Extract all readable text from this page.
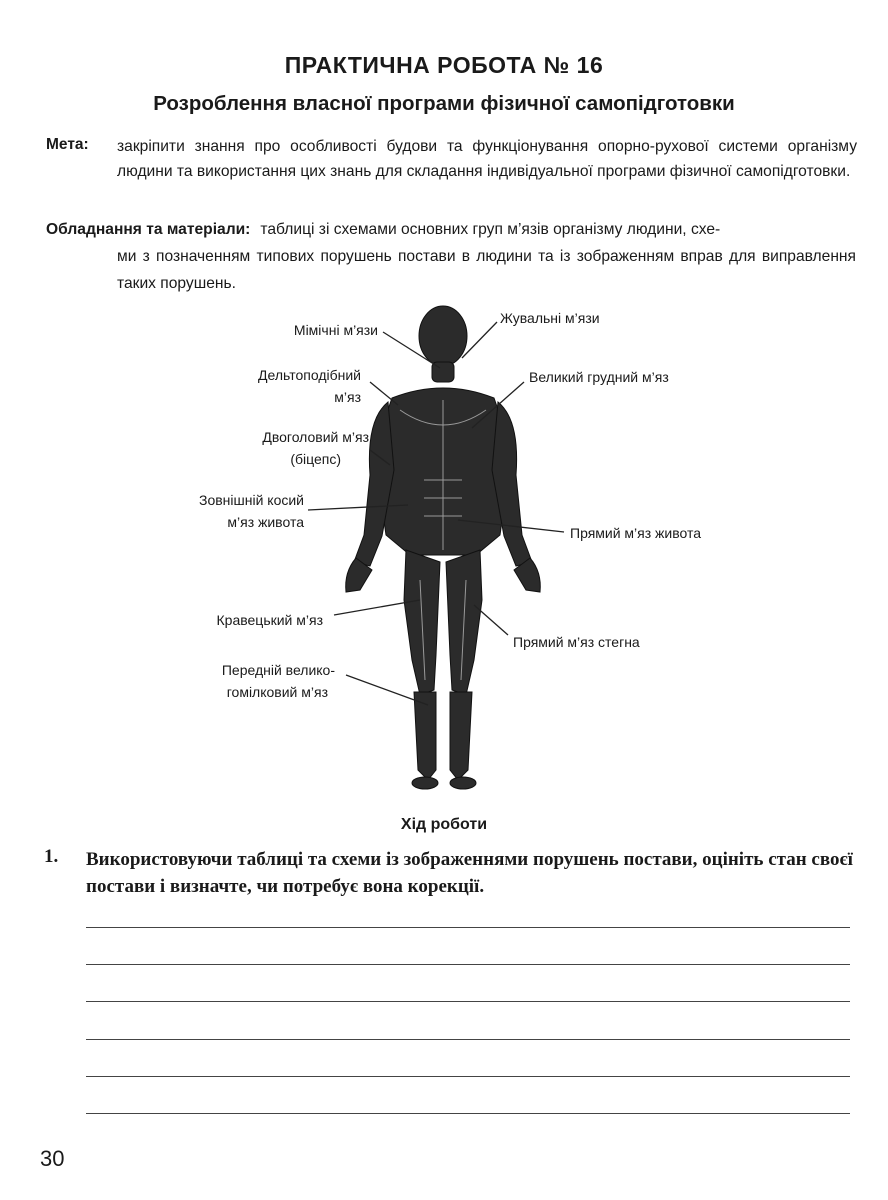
ПРАКТИЧНА РОБОТА № 16
Розроблення власної програми фізичної самопідготовки
Мета: закріпити знання про особливості будови та функціонування опорно-рухової системи організму людини та використання цих знань для складання індивідуальної програми фізичної самопідготовки.
Обладнання та матеріали: таблиці зі схемами основних груп м’язів організму людини, схе-
ми з позначенням типових порушень постави в людини та із зображенням вправ для виправлення таких порушень.
Мімічні м’язи
Жувальні м’язи
Дельтоподібний
м’яз
Великий грудний м’яз
Двоголовий м’яз
(біцепс)
Зовнішній косий
м’яз живота
Прямий м’яз живота
Кравецький м’яз
Прямий м’яз стегна
Передній велико-
гомілковий м’яз
Хід роботи
1. Використовуючи таблиці та схеми із зображеннями порушень постави, оцініть стан своєї постави і визначте, чи потребує вона корекції.
30
